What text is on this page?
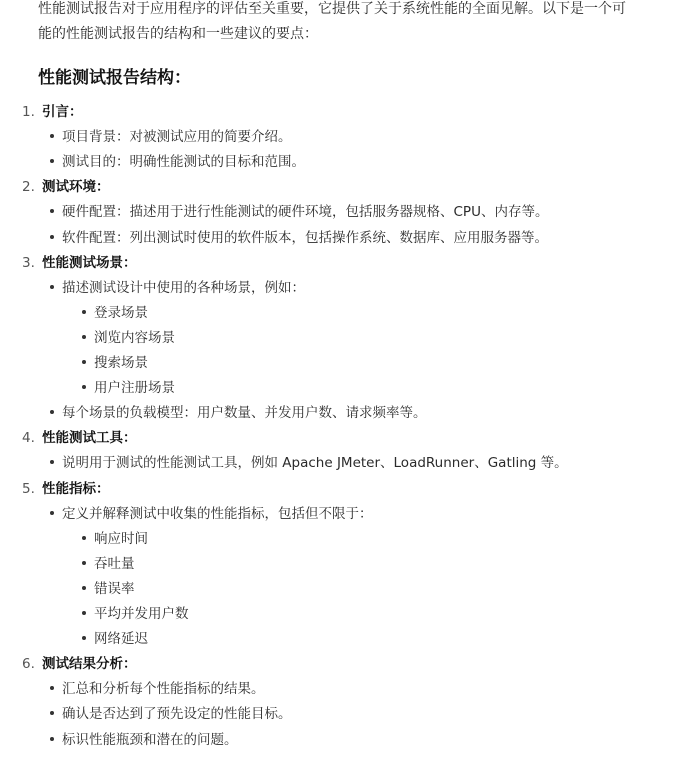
性能测试报告对于应用程序的评估至关重要，它提供了关于系统性能的全面见解。以下是一个可能的性能测试报告的结构和一些建议的要点：
性能测试报告结构：
1. 引言：
项目背景：对被测试应用的简要介绍。
测试目的：明确性能测试的目标和范围。
2. 测试环境：
硬件配置：描述用于进行性能测试的硬件环境，包括服务器规格、CPU、内存等。
软件配置：列出测试时使用的软件版本，包括操作系统、数据库、应用服务器等。
3. 性能测试场景：
描述测试设计中使用的各种场景，例如：
登录场景
浏览内容场景
搜索场景
用户注册场景
每个场景的负载模型：用户数量、并发用户数、请求频率等。
4. 性能测试工具：
说明用于测试的性能测试工具，例如 Apache JMeter、LoadRunner、Gatling 等。
5. 性能指标：
定义并解释测试中收集的性能指标，包括但不限于：
响应时间
吞吐量
错误率
平均并发用户数
网络延迟
6. 测试结果分析：
汇总和分析每个性能指标的结果。
确认是否达到了预先设定的性能目标。
标识性能瓶颈和潜在的问题。
